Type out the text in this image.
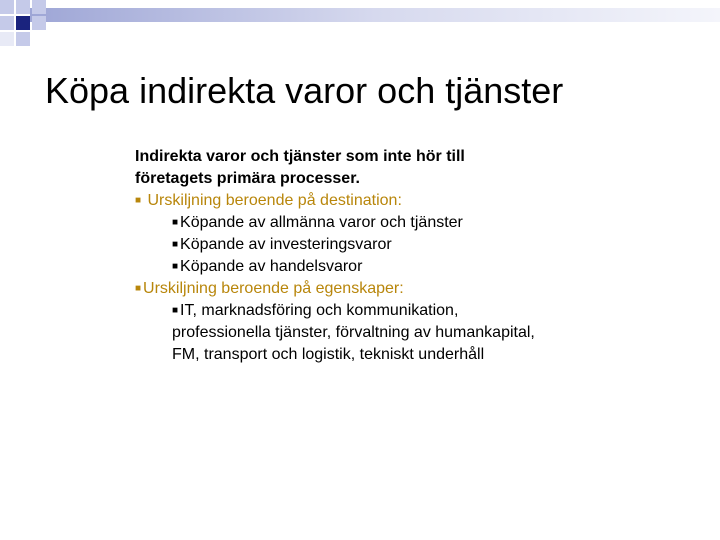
Köpa indirekta varor och tjänster
Indirekta varor och tjänster som inte hör till
företagets primära processer.
■ Urskiljning beroende på destination:
■ Köpande av allmänna varor och tjänster
■ Köpande av investeringsvaror
■ Köpande av handelsvaror
■ Urskiljning beroende på egenskaper:
■ IT, marknadsföring och kommunikation,
professionella tjänster, förvaltning av humankapital,
FM, transport och logistik, tekniskt underhåll
